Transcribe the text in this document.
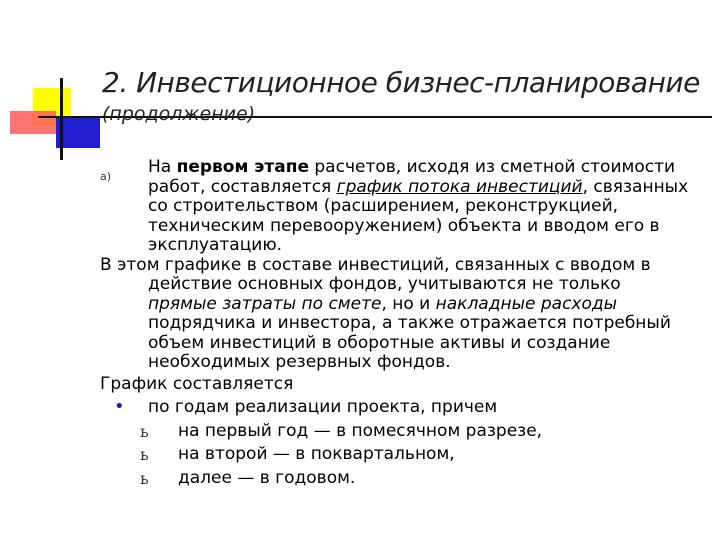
2. Инвестиционное бизнес-планирование
(продолжение)
а)	На первом этапе расчетов, исходя из сметной стоимости
работ, составляется график потока инвестиций, связанных
со строительством (расширением, реконструкцией,
техническим перевооружением) объекта и вводом его в
эксплуатацию.
В этом графике в составе инвестиций, связанных с вводом в
действие основных фондов, учитываются не только
прямые затраты по смете, но и накладные расходы
подрядчика и инвестора, а также отражается потребный
объем инвестиций в оборотные активы и создание
необходимых резервных фондов.
График составляется
• по годам реализации проекта, причем
ь на первый год — в помесячном разрезе,
ь на второй — в поквартальном,
ь далее — в годовом.
